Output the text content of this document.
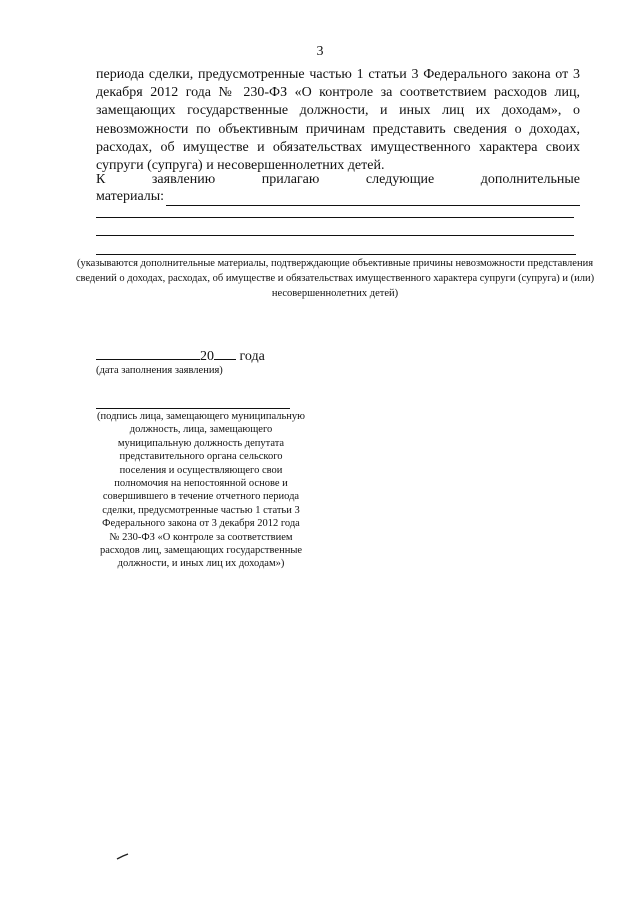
3

периода сделки, предусмотренные частью 1 статьи 3 Федерального закона от 3 декабря 2012 года № 230-ФЗ «О контроле за соответствием расходов лиц, замещающих государственные должности, и иных лиц их доходам», о невозможности по объективным причинам представить сведения о доходах, расходах, об имуществе и обязательствах имущественного характера своих супруги (супруга) и несовершеннолетних детей.

К	заявлению	прилагаю	следующие	дополнительные
материалы:

(указываются дополнительные материалы, подтверждающие объективные причины невозможности представления сведений о доходах, расходах, об имуществе и обязательствах имущественного характера супруги (супруга) и (или) несовершеннолетних детей)

20 года
(дата заполнения заявления)

(подпись лица, замещающего муниципальную должность, лица, замещающего муниципальную должность депутата представительного органа сельского поселения и осуществляющего свои полномочия на непостоянной основе и совершившего в течение отчетного периода сделки, предусмотренные частью 1 статьи 3 Федерального закона от 3 декабря 2012 года № 230-ФЗ «О контроле за соответствием расходов лиц, замещающих государственные должности, и иных лиц их доходам»)
